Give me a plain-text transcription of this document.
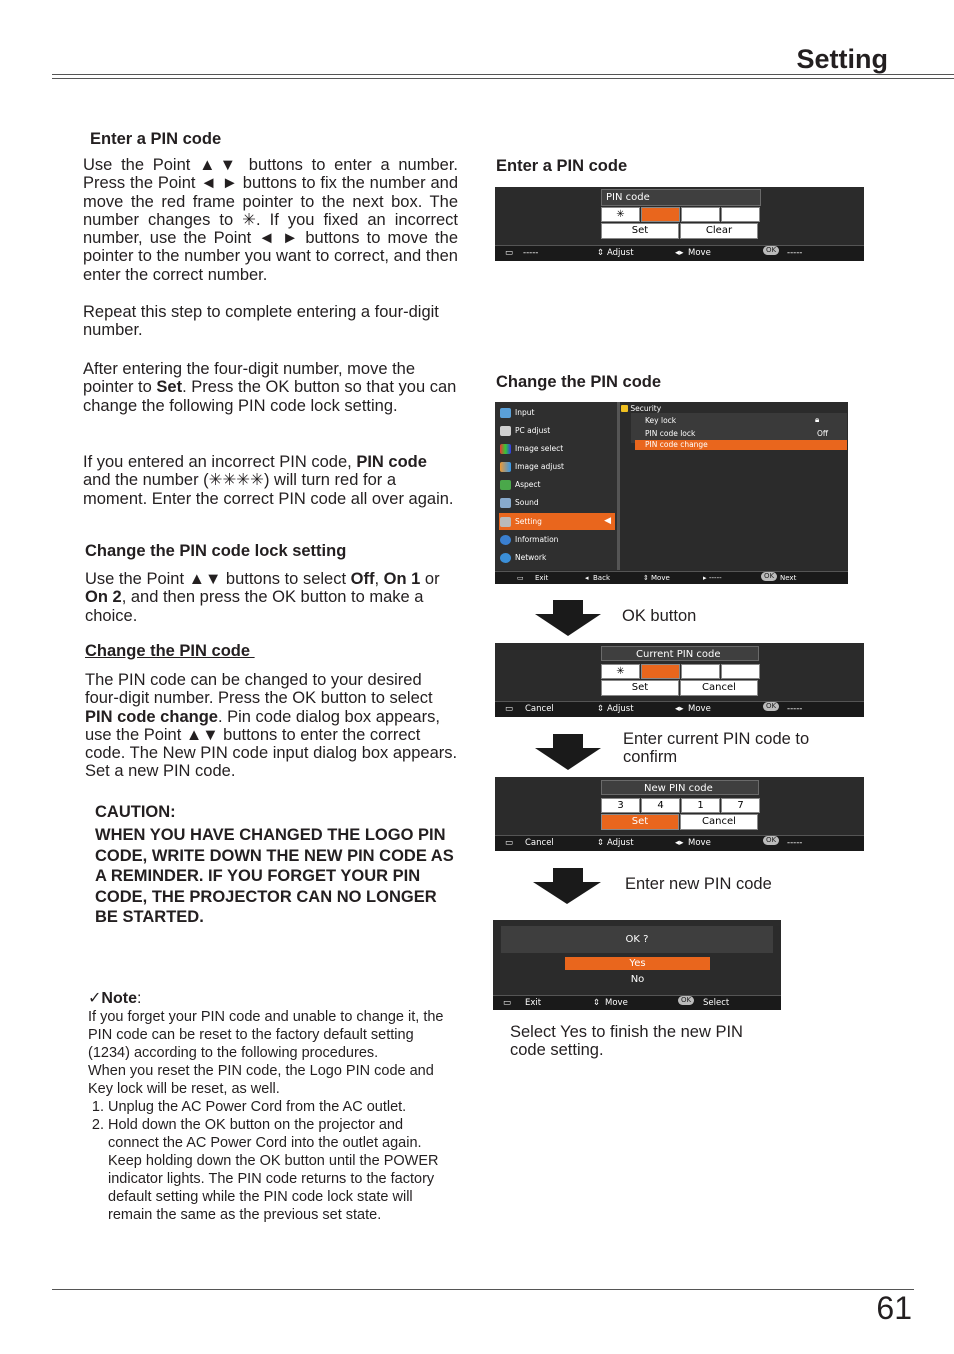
Setting
Enter a PIN code
Use the Point ▲▼ buttons to enter a number. Press the Point ◄ ► buttons to fix the number and move the red frame pointer to the next box. The number changes to ✳. If you fixed an incorrect number, use the Point ◄ ► buttons to move the pointer to the number you want to correct, and then enter the correct number.
Repeat this step to complete entering a four-digit number.
After entering the four-digit number, move the pointer to Set. Press the OK button so that you can change the following PIN code lock setting.
If you entered an incorrect PIN code, PIN code and the number (✳✳✳✳) will turn red for a moment. Enter the correct PIN code all over again.
Change the PIN code lock setting
Use the Point ▲▼ buttons to select Off, On 1 or On 2, and then press the OK button to make a choice.
Change the PIN code
The PIN code can be changed to your desired four-digit number. Press the OK button to select PIN code change. Pin code dialog box appears, use the Point ▲▼ buttons to enter the correct code. The New PIN code input dialog box appears. Set a new PIN code.
CAUTION:
WHEN YOU HAVE CHANGED THE LOGO PIN CODE, WRITE DOWN THE NEW PIN CODE AS A REMINDER. IF YOU FORGET YOUR PIN CODE, THE PROJECTOR CAN NO LONGER BE STARTED.
✓Note:
If you forget your PIN code and unable to change it, the PIN code can be reset to the factory default setting (1234) according to the following procedures.
When you reset the PIN code, the Logo PIN code and Key lock will be reset, as well.
1. Unplug the AC Power Cord from the AC outlet.
2. Hold down the OK button on the projector and connect the AC Power Cord into the outlet again. Keep holding down the OK button until the POWER indicator lights. The PIN code returns to the factory default setting while the PIN code lock state will remain the same as the previous set state.
Enter a PIN code
PIN code
✳
Set	Clear
▭ -----	⇕ Adjust	◂▸ Move	OK	-----
Change the PIN code
Input
PC adjust
Image select
Image adjust
Aspect
Sound
Setting	◀
Information
Network
Security
Key lock	🔒︎
PIN code lock	Off
PIN code change
▭ Exit	◂ Back	⇕ Move	▸ -----	OK Next
OK button
Current PIN code
✳
Set	Cancel
▭ Cancel	⇕ Adjust	◂▸ Move	OK	-----
Enter current PIN code to confirm
New PIN code
3	4	1	7
Set	Cancel
▭ Cancel	⇕ Adjust	◂▸ Move	OK	-----
Enter new PIN code
OK ?
Yes
No
▭ Exit	⇕ Move	OK	Select
Select Yes to finish the new PIN code setting.
61
